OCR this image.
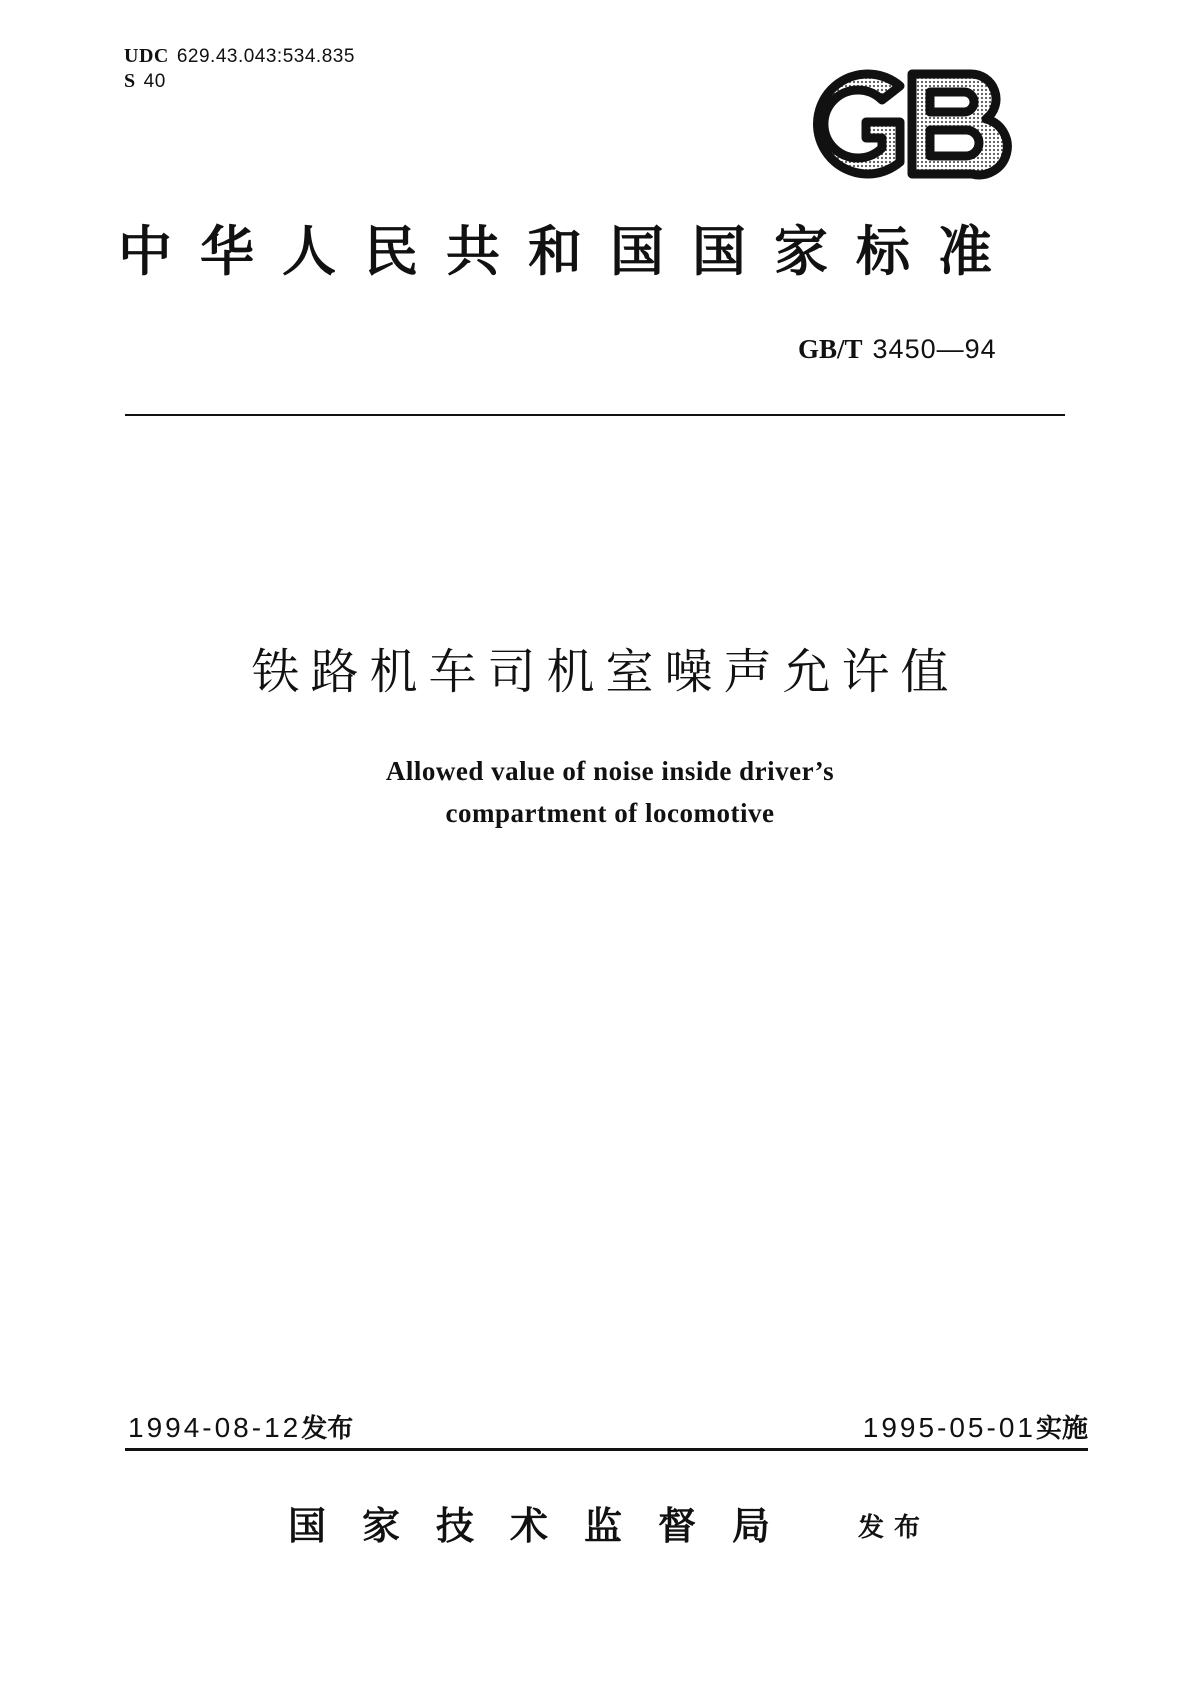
UDC 629.43.043:534.835
S 40
中华人民共和国国家标准
GB/T 3450—94
铁路机车司机室噪声允许值
Allowed value of noise inside driver’s
compartment of locomotive
1994-08-12发布	1995-05-01实施
国家技术监督局 发布
